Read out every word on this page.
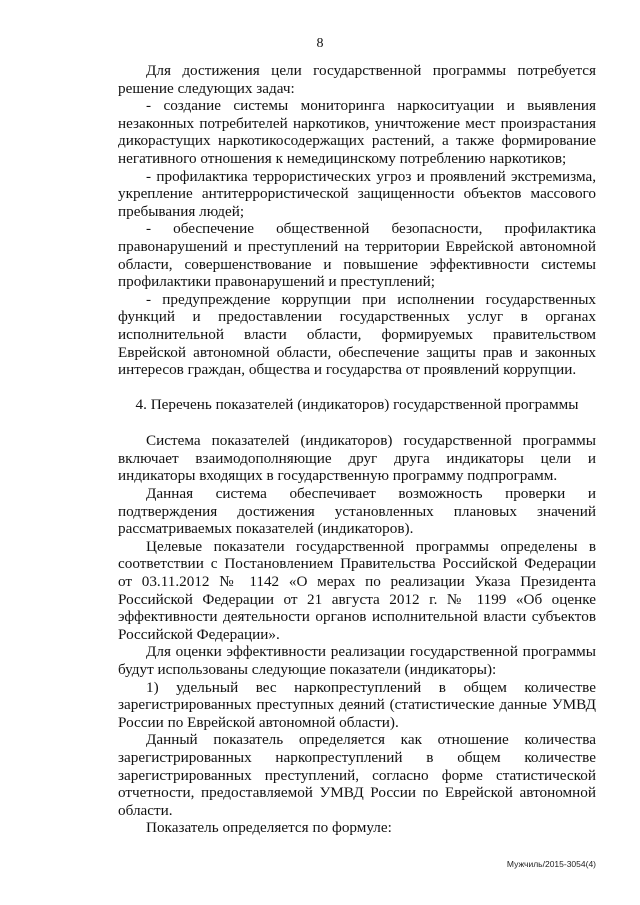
8

Для достижения цели государственной программы потребуется решение следующих задач:

- создание системы мониторинга наркоситуации и выявления незаконных потребителей наркотиков, уничтожение мест произрастания дикорастущих наркотикосодержащих растений, а также формирование негативного отношения к немедицинскому потреблению наркотиков;

- профилактика террористических угроз и проявлений экстремизма, укрепление антитеррористической защищенности объектов массового пребывания людей;

- обеспечение общественной безопасности, профилактика правонарушений и преступлений на территории Еврейской автономной области, совершенствование и повышение эффективности системы профилактики правонарушений и преступлений;

- предупреждение коррупции при исполнении государственных функций и предоставлении государственных услуг в органах исполнительной власти области, формируемых правительством Еврейской автономной области, обеспечение защиты прав и законных интересов граждан, общества и государства от проявлений коррупции.

4. Перечень показателей (индикаторов) государственной программы

Система показателей (индикаторов) государственной программы включает взаимодополняющие друг друга индикаторы цели и индикаторы входящих в государственную программу подпрограмм.

Данная система обеспечивает возможность проверки и подтверждения достижения установленных плановых значений рассматриваемых показателей (индикаторов).

Целевые показатели государственной программы определены в соответствии с Постановлением Правительства Российской Федерации от 03.11.2012 № 1142 «О мерах по реализации Указа Президента Российской Федерации от 21 августа 2012 г. № 1199 «Об оценке эффективности деятельности органов исполнительной власти субъектов Российской Федерации».

Для оценки эффективности реализации государственной программы будут использованы следующие показатели (индикаторы):

1) удельный вес наркопреступлений в общем количестве зарегистрированных преступных деяний (статистические данные УМВД России по Еврейской автономной области).

Данный показатель определяется как отношение количества зарегистрированных наркопреступлений в общем количестве зарегистрированных преступлений, согласно форме статистической отчетности, предоставляемой УМВД России по Еврейской автономной области.

Показатель определяется по формуле:

Мужчиль/2015-3054(4)
